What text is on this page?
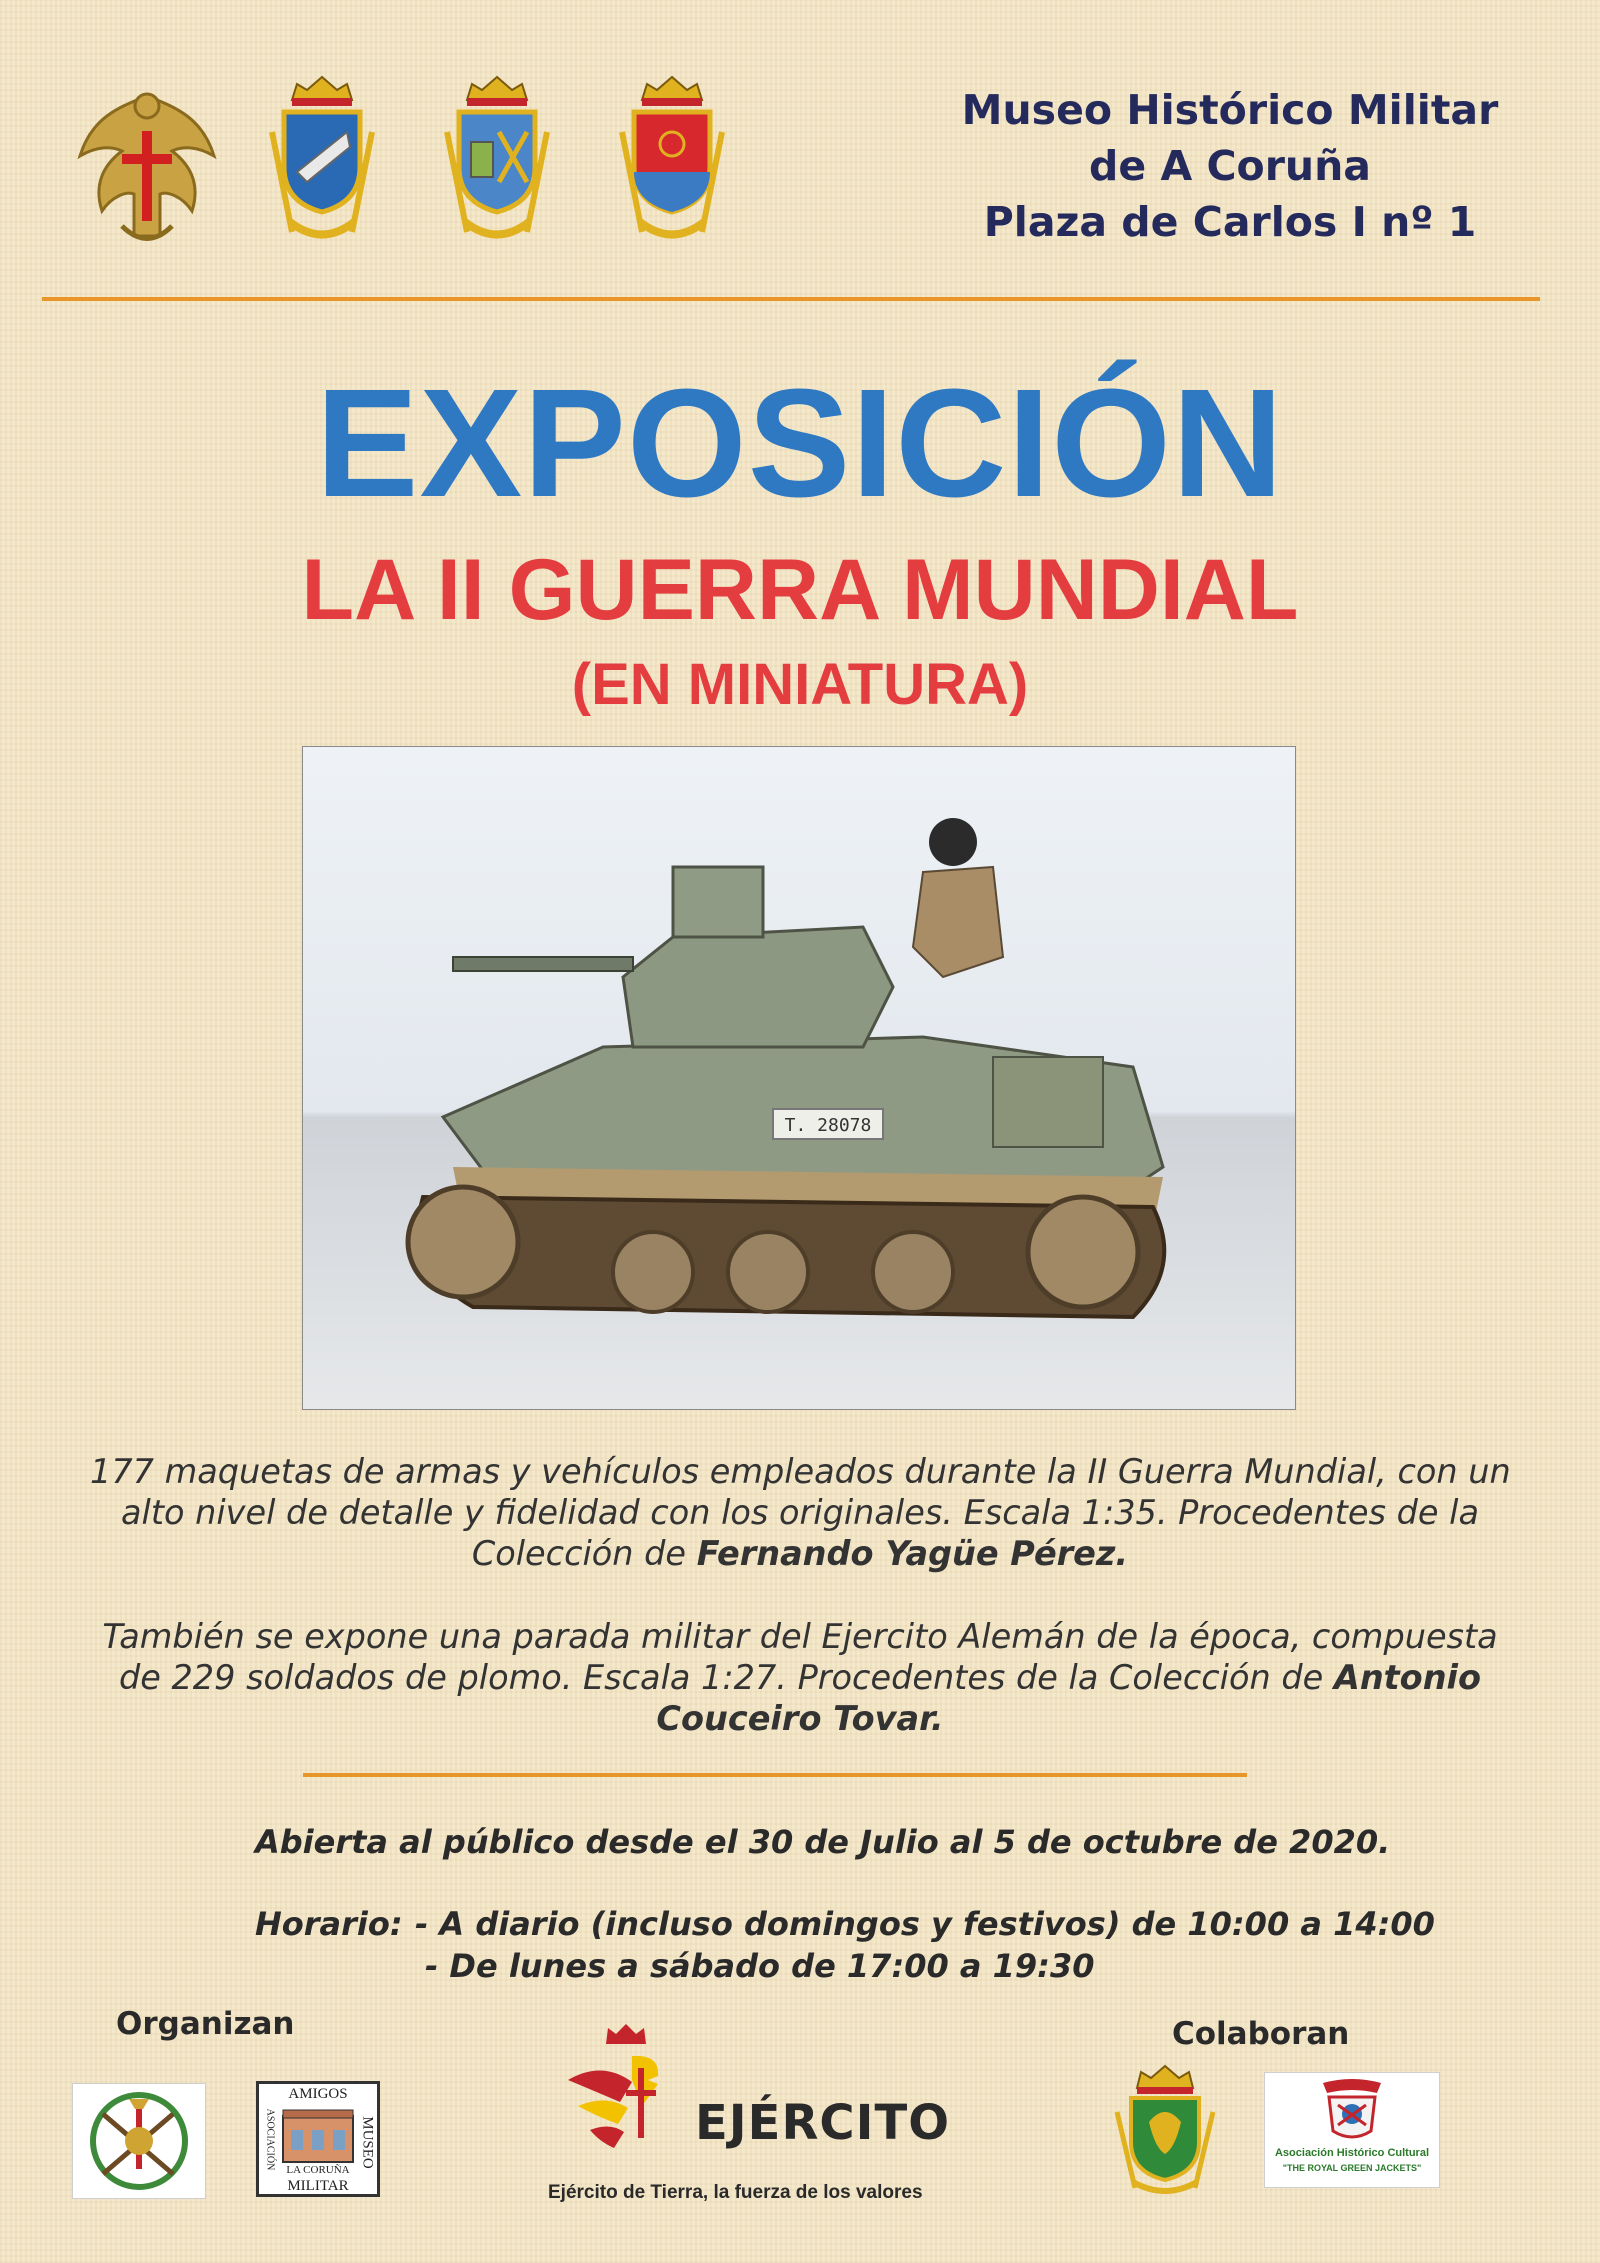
Museo Histórico Militar
de A Coruña
Plaza de Carlos I nº 1
EXPOSICIÓN
LA II GUERRA MUNDIAL
(EN MINIATURA)
T. 28078
177 maquetas de armas y vehículos empleados durante la II Guerra Mundial, con un
alto nivel de detalle y fidelidad con los originales. Escala 1:35. Procedentes de la
Colección de Fernando Yagüe Pérez.
También se expone una parada militar del Ejercito Alemán de la época, compuesta
de 229 soldados de plomo. Escala 1:27. Procedentes de la Colección de Antonio
Couceiro Tovar.
Abierta al público desde el 30 de Julio al 5 de octubre de 2020.
Horario: - A diario (incluso domingos y festivos) de 10:00 a 14:00
- De lunes a sábado de 17:00 a 19:30
Organizan	Colaboran
AMIGOS
ASOCIACIÓN	MUSEO
LA CORUÑA
MILITAR
EJÉRCITO
Ejército de Tierra, la fuerza de los valores
Asociación Histórico Cultural
"THE ROYAL GREEN JACKETS"
